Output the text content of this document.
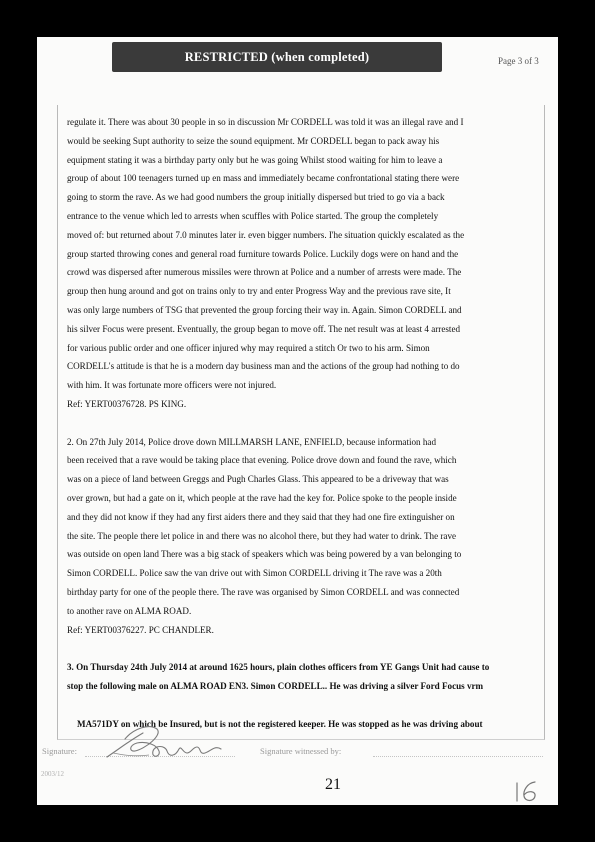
RESTRICTED (when completed)	Page 3 of 3

regulate it. There was about 30 people in so in discussion Mr CORDELL was told it was an illegal rave and I

would be seeking Supt authority to seize the sound equipment. Mr CORDELL began to pack away his

equipment stating it was a birthday party only but he was going Whilst stood waiting for him to leave a

group of about 100 teenagers turned up en mass and immediately became confrontational stating there were

going to storm the rave. As we had good numbers the group initially dispersed but tried to go via a back

entrance to the venue which led to arrests when scuffles with Police started. The group the completely

moved of: but returned about 7.0 minutes later ir. even bigger numbers. I'he situation quickly escalated as the

group started throwing cones and general road furniture towards Police. Luckily dogs were on hand and the

crowd was dispersed after numerous missiles were thrown at Police and a number of arrests were made. The

group then hung around and got on trains only to try and enter Progress Way and the previous rave site, It

was only large numbers of TSG that prevented the group forcing their way in. Again. Simon CORDELL and

his silver Focus were present. Eventually, the group began to move off. The net result was at least 4 arrested

for various public order and one officer injured why may required a stitch Or two to his arm. Simon

CORDELL's attitude is that he is a modern day business man and the actions of the group had nothing to do

with him. It was fortunate more officers were not injured.

Ref: YERT00376728. PS KING.

2. On 27th July 2014, Police drove down MILLMARSH LANE, ENFIELD, because information had

been received that a rave would be taking place that evening. Police drove down and found the rave, which

was on a piece of land between Greggs and Pugh Charles Glass. This appeared to be a driveway that was

over grown, but had a gate on it, which people at the rave had the key for. Police spoke to the people inside

and they did not know if they had any first aiders there and they said that they had one fire extinguisher on

the site. The people there let police in and there was no alcohol there, but they had water to drink. The rave

was outside on open land There was a big stack of speakers which was being powered by a van belonging to

Simon CORDELL. Police saw the van drive out with Simon CORDELL driving it The rave was a 20th

birthday party for one of the people there. The rave was organised by Simon CORDELL and was connected

to another rave on ALMA ROAD.

Ref: YERT00376227. PC CHANDLER.

3. On Thursday 24th July 2014 at around 1625 hours, plain clothes officers from YE Gangs Unit had cause to

stop the following male on ALMA ROAD EN3. Simon CORDELL.. He was driving a silver Ford Focus vrm

MA571DY on which be Insured, but is not the registered keeper. He was stopped as he was driving about

Signature:	Signature witnessed by:
2003/12
21
